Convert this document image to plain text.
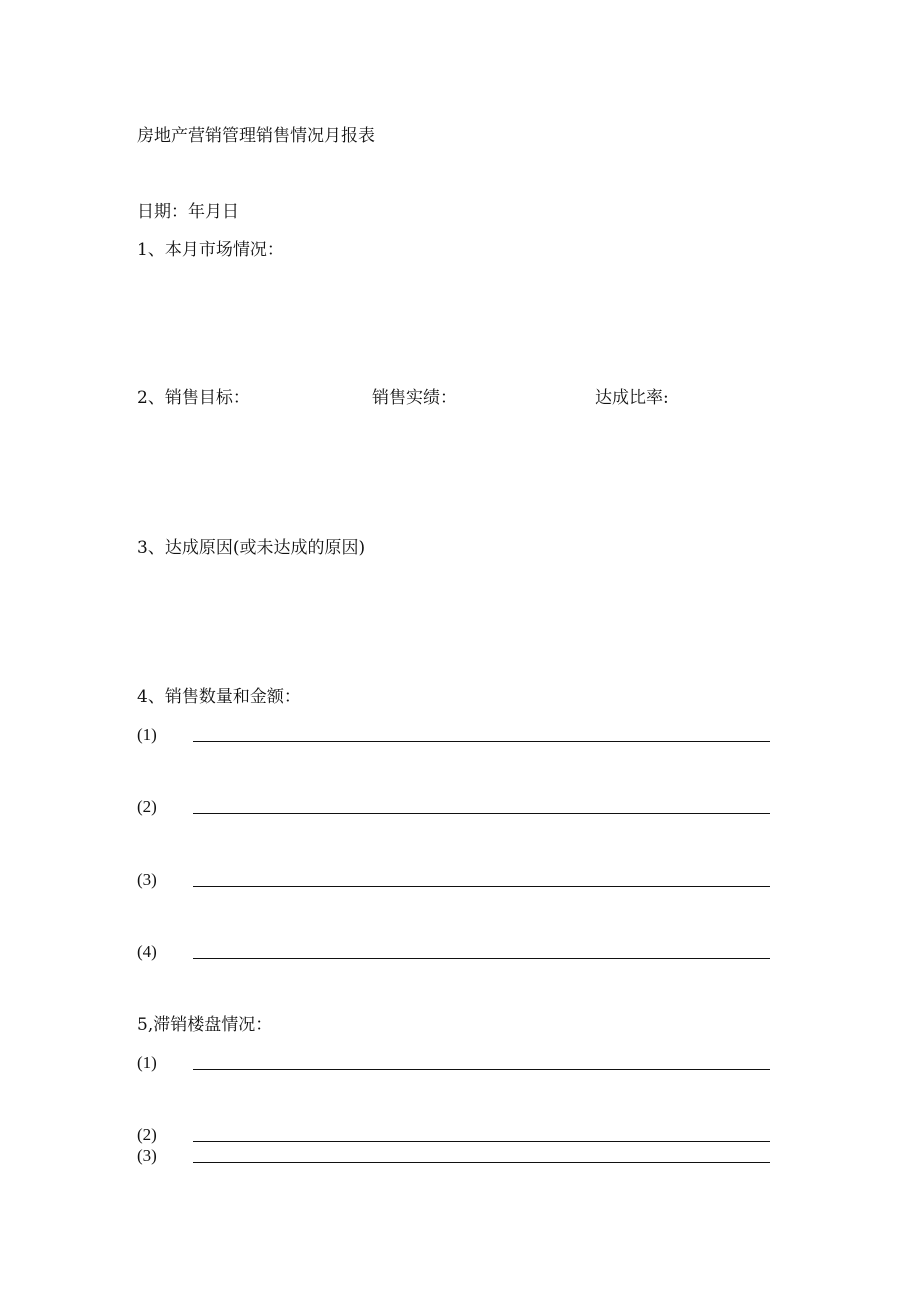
房地产营销管理销售情况月报表
日期：年月日
1、本月市场情况：
2、销售目标：	销售实绩：	达成比率:
3、达成原因(或未达成的原因)
4、销售数量和金额：
(1)
(2)
(3)
(4)
5,滞销楼盘情况：
(1)
(2)
(3)
